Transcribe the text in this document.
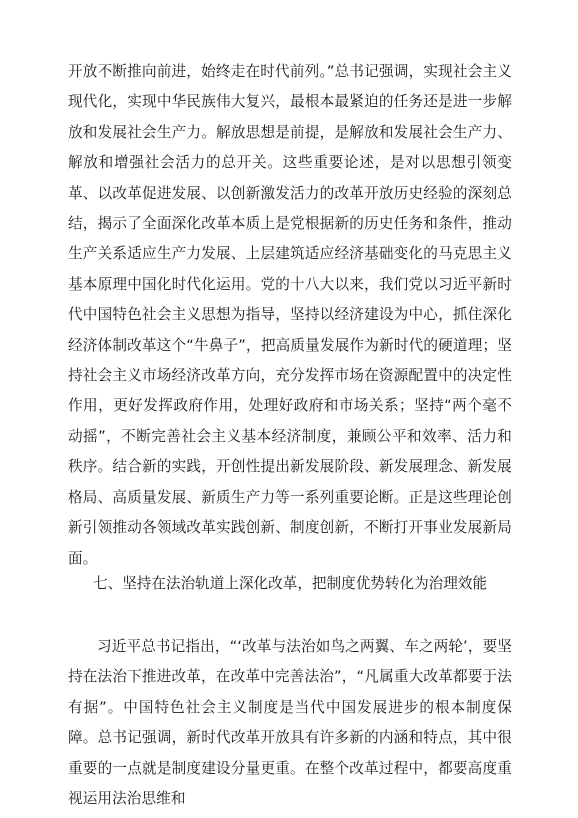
开放不断推向前进，始终走在时代前列。”总书记强调，实现社会主义现代化，实现中华民族伟大复兴，最根本最紧迫的任务还是进一步解放和发展社会生产力。解放思想是前提，是解放和发展社会生产力、解放和增强社会活力的总开关。这些重要论述，是对以思想引领变革、以改革促进发展、以创新激发活力的改革开放历史经验的深刻总结，揭示了全面深化改革本质上是党根据新的历史任务和条件，推动生产关系适应生产力发展、上层建筑适应经济基础变化的马克思主义基本原理中国化时代化运用。党的十八大以来，我们党以习近平新时代中国特色社会主义思想为指导，坚持以经济建设为中心，抓住深化经济体制改革这个“牛鼻子”，把高质量发展作为新时代的硬道理；坚持社会主义市场经济改革方向，充分发挥市场在资源配置中的决定性作用，更好发挥政府作用，处理好政府和市场关系；坚持“两个毫不动摇”，不断完善社会主义基本经济制度，兼顾公平和效率、活力和秩序。结合新的实践，开创性提出新发展阶段、新发展理念、新发展格局、高质量发展、新质生产力等一系列重要论断。正是这些理论创新引领推动各领域改革实践创新、制度创新，不断打开事业发展新局面。

七、坚持在法治轨道上深化改革，把制度优势转化为治理效能

习近平总书记指出，“‘改革与法治如鸟之两翼、车之两轮’，要坚持在法治下推进改革，在改革中完善法治”，“凡属重大改革都要于法有据”。中国特色社会主义制度是当代中国发展进步的根本制度保障。总书记强调，新时代改革开放具有许多新的内涵和特点，其中很重要的一点就是制度建设分量更重。在整个改革过程中，都要高度重视运用法治思维和
